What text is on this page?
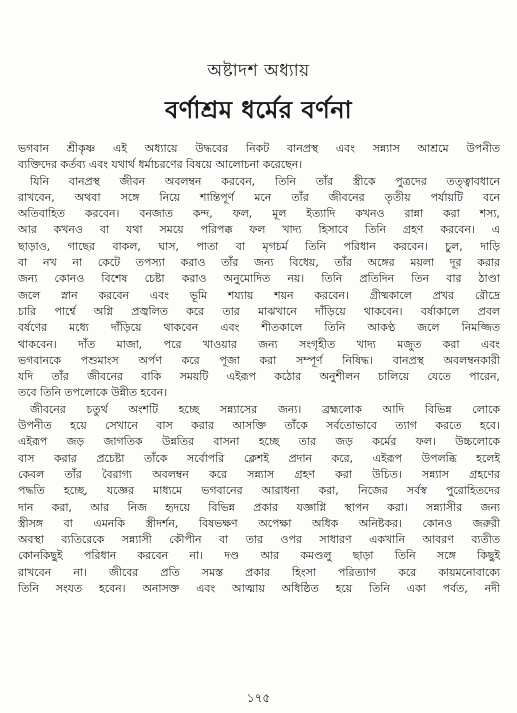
অষ্টাদশ অধ্যায়
বর্ণাশ্রম ধর্মের বর্ণনা

ভগবান শ্রীকৃষ্ণ এই অধ্যায়ে উদ্ধবের নিকট বানপ্রস্থ এবং সন্ন্যাস আশ্রমে উপনীত

ব্যক্তিদের কর্তব্য এবং যথার্থ ধর্মাচরণের বিষয়ে আলোচনা করেছেন।

যিনি বানপ্রস্থ জীবন অবলম্বন করবেন, তিনি তাঁর স্ত্রীকে পুত্রদের তত্ত্বাবধানে

রাখবেন, অথবা সঙ্গে নিয়ে শান্তিপূর্ণ মনে তাঁর জীবনের তৃতীয় পর্যায়টি বনে

অতিবাহিত করবেন। বনজাত কন্দ, ফল, মূল ইত্যাদি কখনও রান্না করা শস্য,

আর কখনও বা যথা সময়ে পরিপক্ক ফল খাদ্য হিসাবে তিনি গ্রহণ করবেন। এ

ছাড়াও, গাছের বাকল, ঘাস, পাতা বা মৃগচর্ম তিনি পরিধান করবেন। চুল, দাড়ি

বা নখ না কেটে তপস্যা করাও তাঁর জন্য বিধেয়, তাঁর অঙ্গের ময়লা দূর করার

জন্য কোনও বিশেষ চেষ্টা করাও অনুমোদিত নয়। তিনি প্রতিদিন তিন বার ঠাণ্ডা

জলে স্নান করবেন এবং ভূমি শয্যায় শয়ন করবেন। গ্রীষ্মকালে প্রখর রৌদ্রে

চারি পার্শ্বে অগ্নি প্রজ্বলিত করে তার মাঝখানে দাঁড়িয়ে থাকবেন। বর্ষাকালে প্রবল

বর্ষণের মধ্যে দাঁড়িয়ে থাকবেন এবং শীতকালে তিনি আকণ্ঠ জলে নিমজ্জিত

থাকবেন। দাঁত মাজা, পরে খাওয়ার জন্য সংগৃহীত খাদ্য মজুত করা এবং

ভগবানকে পশুমাংস অর্পণ করে পূজা করা সম্পূর্ণ নিষিদ্ধ। বানপ্রস্থ অবলম্বনকারী

যদি তাঁর জীবনের বাকি সময়টি এইরূপ কঠোর অনুশীলন চালিয়ে যেতে পারেন,

তবে তিনি তপলোকে উন্নীত হবেন।

জীবনের চতুর্থ অংশটি হচ্ছে সন্ন্যাসের জন্য। ব্রহ্মলোক আদি বিভিন্ন লোকে

উপনীত হয়ে সেখানে বাস করার আসক্তি তাঁকে সর্বতোভাবে ত্যাগ করতে হবে।

এইরূপ জড় জাগতিক উন্নতির বাসনা হচ্ছে তার জড় কর্মের ফল। উচ্চলোকে

বাস করার প্রচেষ্টা তাঁকে সর্বোপরি ক্লেশই প্রদান করে, এইরূপ উপলব্ধি হলেই

কেবল তাঁর বৈরাগ্য অবলম্বন করে সন্ন্যাস গ্রহণ করা উচিত। সন্ন্যাস গ্রহণের

পদ্ধতি হচ্ছে, যজ্ঞের মাধ্যমে ভগবানের আরাধনা করা, নিজের সর্বস্ব পুরোহিতদের

দান করা, আর নিজ হৃদয়ে বিভিন্ন প্রকার যজ্ঞাগ্নি স্থাপন করা। সন্ন্যাসীর জন্য

স্ত্রীসঙ্গ বা এমনকি স্ত্রীদর্শন, বিষভক্ষণ অপেক্ষা অধিক অনিষ্টকর। কোনও জরুরী

অবস্থা ব্যতিরেকে সন্ন্যাসী কৌপীন বা তার ওপর সাধারণ একখানি আবরণ ব্যতীত

কোনকিছুই পরিধান করবেন না। দণ্ড আর কমণ্ডলু ছাড়া তিনি সঙ্গে কিছুই

রাখবেন না। জীবের প্রতি সমস্ত প্রকার হিংসা পরিত্যাগ করে কায়মনোবাক্যে

তিনি সংযত হবেন। অনাসক্ত এবং আত্মায় অধিষ্ঠিত হয়ে তিনি একা পর্বত, নদী

১৭৫
